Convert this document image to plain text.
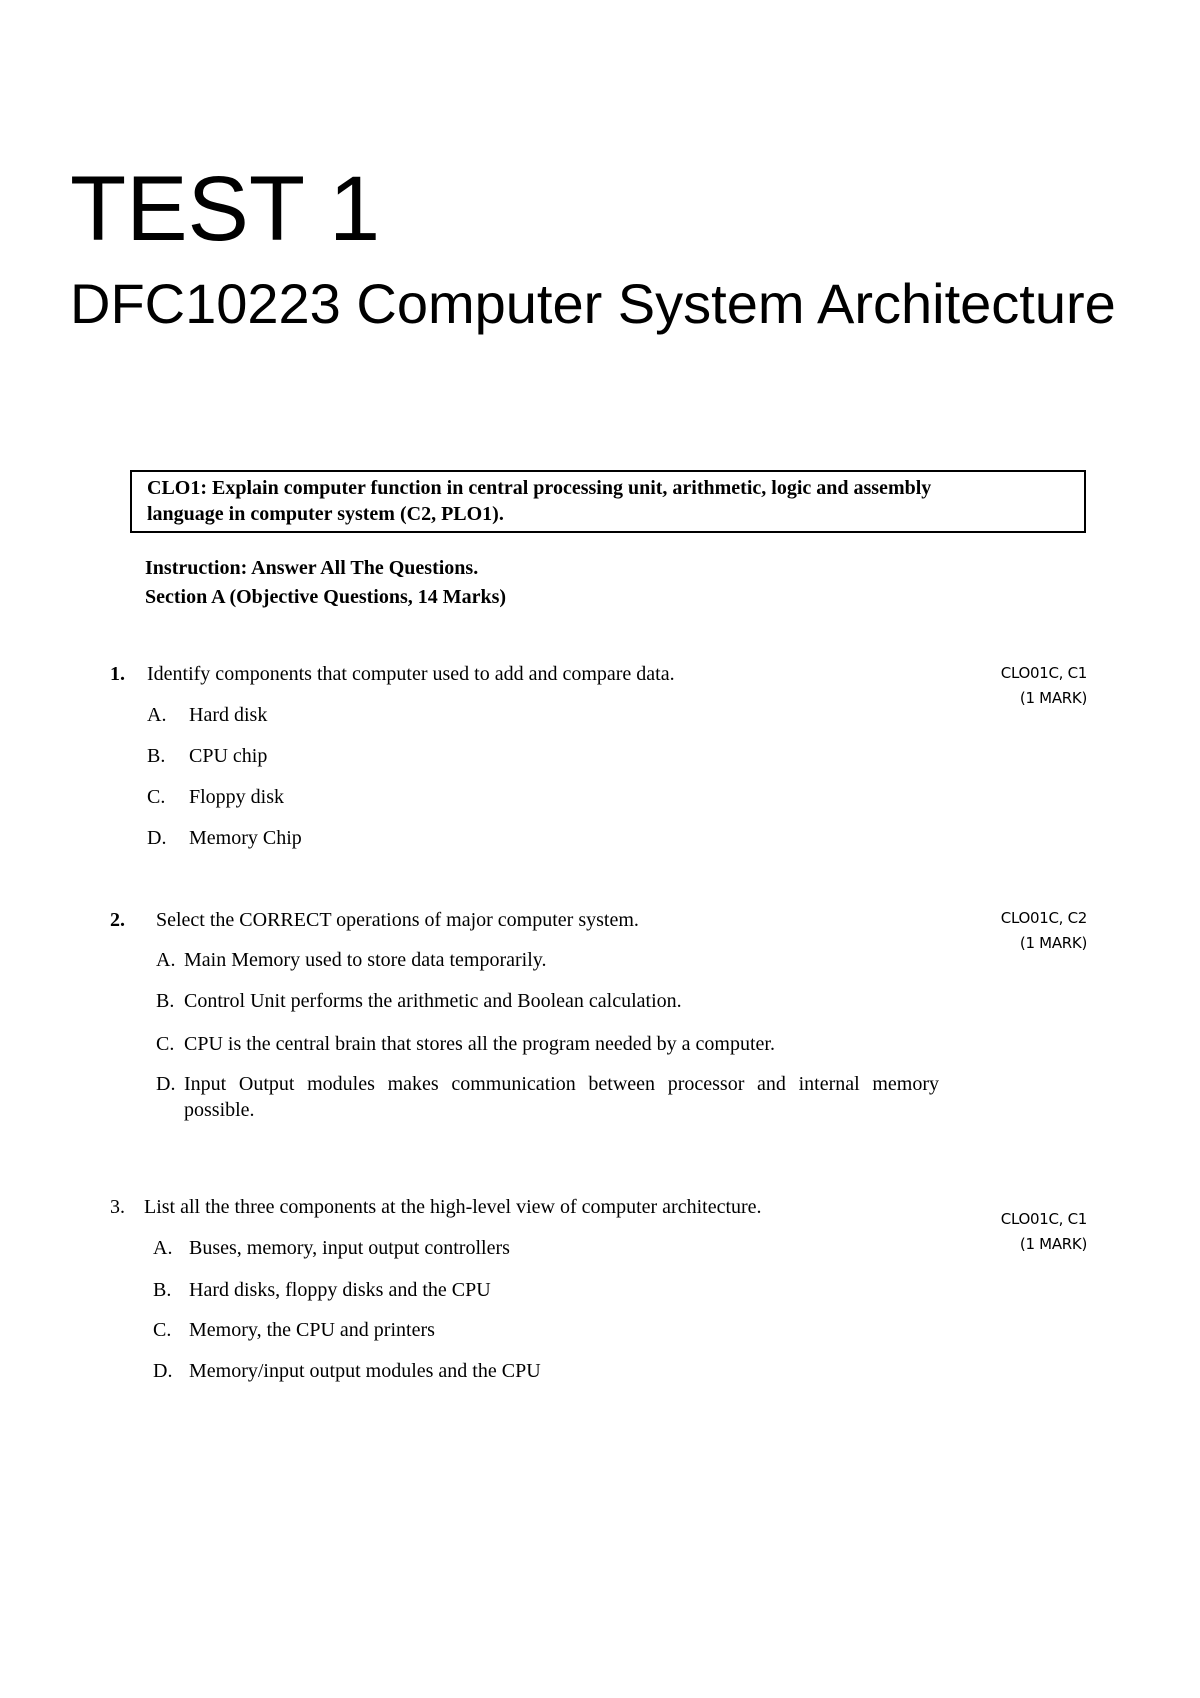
TEST 1
DFC10223 Computer System Architecture
CLO1: Explain computer function in central processing unit, arithmetic, logic and assembly
language in computer system (C2, PLO1).
Instruction: Answer All The Questions.
Section A (Objective Questions, 14 Marks)
1. Identify components that computer used to add and compare data.	CLO01C, C1
(1 MARK)
A. Hard disk
B. CPU chip
C. Floppy disk
D. Memory Chip
2. Select the CORRECT operations of major computer system.	CLO01C, C2
(1 MARK)
A. Main Memory used to store data temporarily.
B. Control Unit performs the arithmetic and Boolean calculation.
C. CPU is the central brain that stores all the program needed by a computer.
D. Input Output modules makes communication between processor and internal memory possible.
3. List all the three components at the high-level view of computer architecture.
CLO01C, C1
(1 MARK)
A. Buses, memory, input output controllers
B. Hard disks, floppy disks and the CPU
C. Memory, the CPU and printers
D. Memory/input output modules and the CPU
